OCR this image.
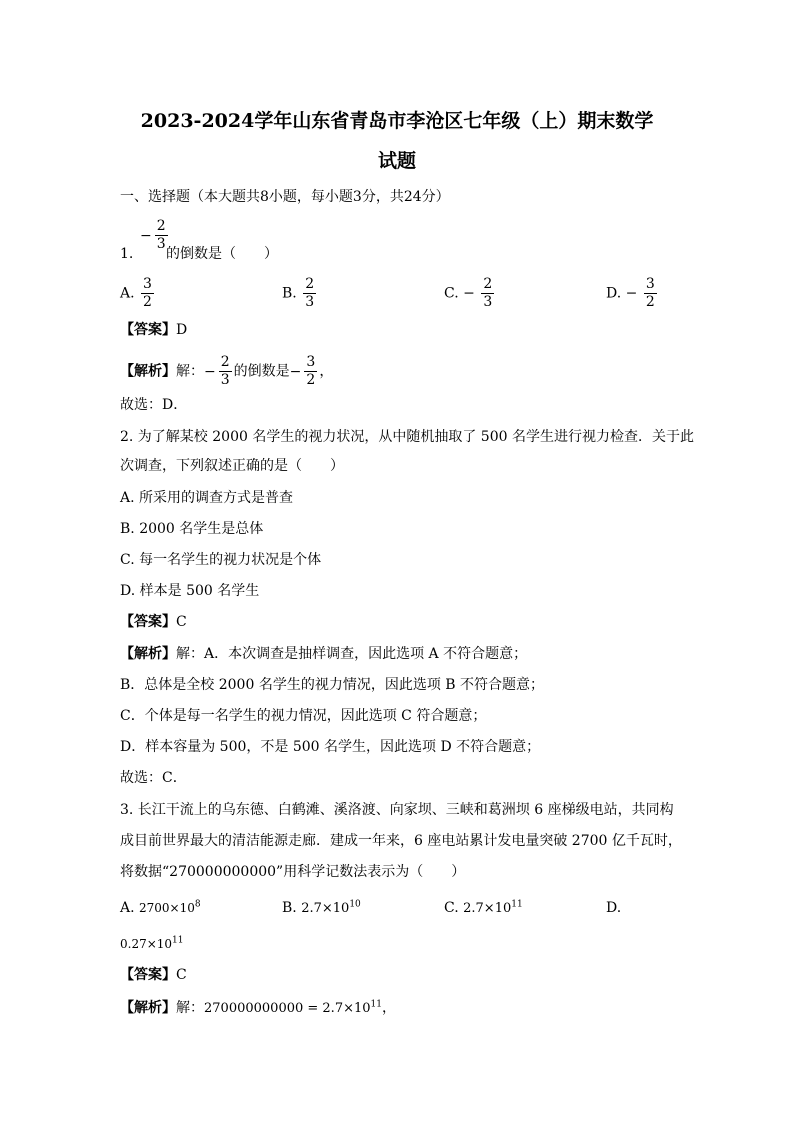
2023-2024学年山东省青岛市李沧区七年级（上）期末数学
试题
一、选择题（本大题共8小题，每小题3分，共24分）
1.
− $\frac{2}{3}$
的倒数是（　　）
A. $\frac{3}{2}$	B. $\frac{2}{3}$	C. − $\frac{2}{3}$	D. − $\frac{3}{2}$
【答案】D
【解析】解：− $\frac{2}{3}$ 的倒数是− $\frac{3}{2}$ ，
故选：D．
2. 为了解某校 2000 名学生的视力状况，从中随机抽取了 500 名学生进行视力检查．关于此
次调查，下列叙述正确的是（　　）
A. 所采用的调查方式是普查
B. 2000 名学生是总体
C. 每一名学生的视力状况是个体
D. 样本是 500 名学生
【答案】C
【解析】解：A．本次调查是抽样调查，因此选项 A 不符合题意；
B．总体是全校 2000 名学生的视力情况，因此选项 B 不符合题意；
C．个体是每一名学生的视力情况，因此选项 C 符合题意；
D．样本容量为 500，不是 500 名学生，因此选项 D 不符合题意；
故选：C．
3. 长江干流上的乌东德、白鹤滩、溪洛渡、向家坝、三峡和葛洲坝 6 座梯级电站，共同构
成目前世界最大的清洁能源走廊．建成一年来，6 座电站累计发电量突破 2700 亿千瓦时，
将数据“270000000000”用科学记数法表示为（　　）
A. $2700\times 10^8$	B. $2.7\times 10^{10}$	C. $2.7\times 10^{11}$	D.
$0.27\times 10^{11}$
【答案】C
【解析】解：$270000000000 = 2.7\times 10^{11}$，
